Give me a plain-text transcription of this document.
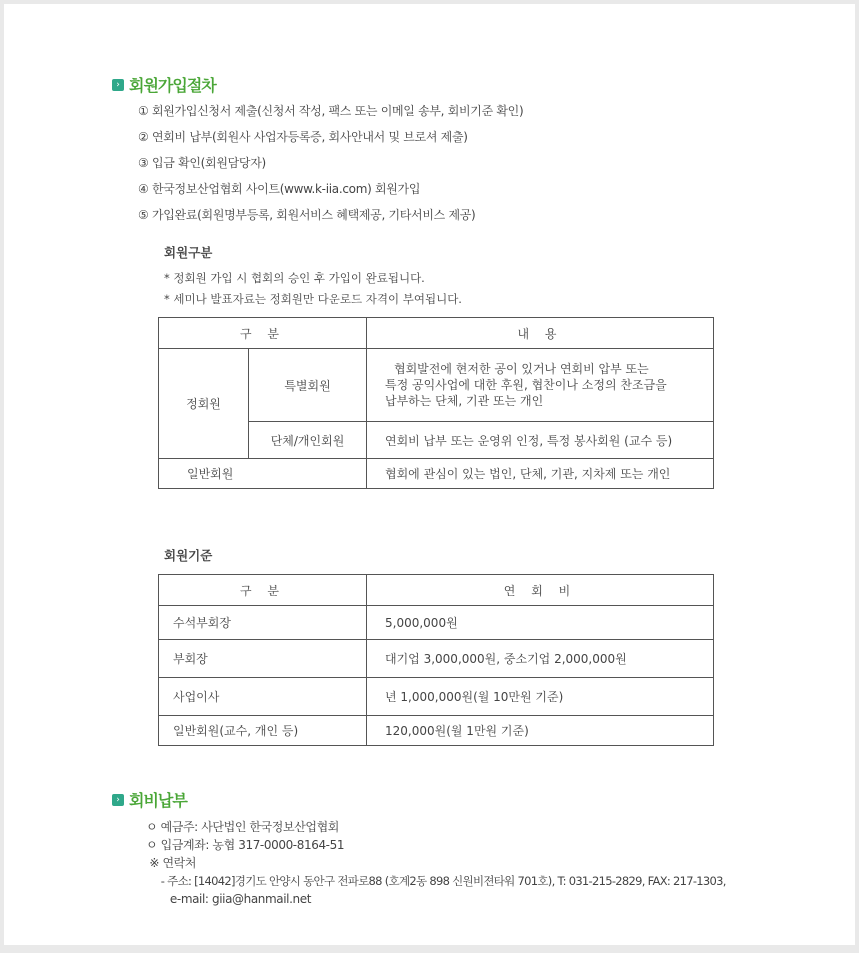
› 회원가입절차
① 회원가입신청서 제출(신청서 작성, 팩스 또는 이메일 송부, 회비기준 확인)
② 연회비 납부(회원사 사업자등록증, 회사안내서 및 브로셔 제출)
③ 입금 확인(회원담당자)
④ 한국정보산업협회 사이트(www.k-iia.com) 회원가입
⑤ 가입완료(회원명부등록, 회원서비스 혜택제공, 기타서비스 제공)
회원구분
* 정회원 가입 시 협회의 승인 후 가입이 완료됩니다.
* 세미나 발표자료는 정회원만 다운로드 자격이 부여됩니다.
구 분		내 용
정회원	특별회원	협회발전에 현저한 공이 있거나 연회비 압부 또는
특정 공익사업에 대한 후원, 협찬이나 소정의 찬조금을
납부하는 단체, 기관 또는 개인

	단체/개인회원	연회비 납부 또는 운영위 인정, 특정 봉사회원 (교수 등)
일반회원		협회에 관심이 있는 법인, 단체, 기관, 지차제 또는 개인
회원기준
구 분	연 회 비
수석부회장	5,000,000원
부회장	대기업 3,000,000원, 중소기업 2,000,000원
사업이사	년 1,000,000원(월 10만원 기준)
일반회원(교수, 개인 등)	120,000원(월 1만원 기준)
› 회비납부
ㅇ 예금주: 사단법인 한국정보산업협회
ㅇ 입금계좌: 농협 317-0000-8164-51
※ 연락처
- 주소: [14042]경기도 안양시 동안구 전파로88 (호계2동 898 신원비젼타워 701호), T: 031-215-2829, FAX: 217-1303,
e-mail: giia@hanmail.net
